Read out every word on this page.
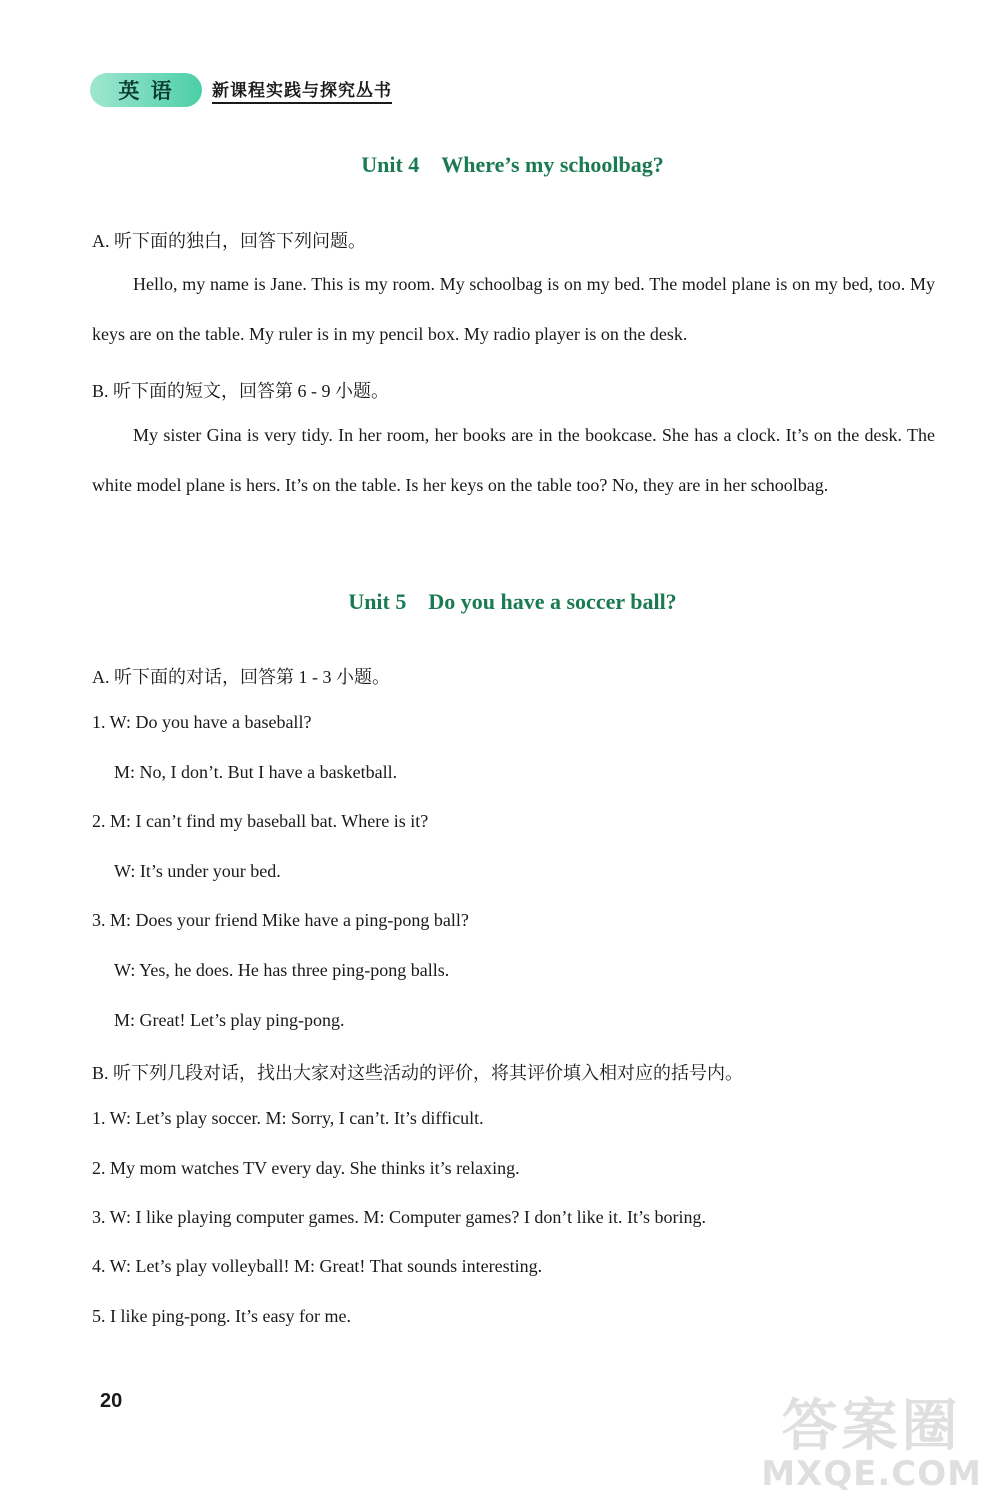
英 语	新课程实践与探究丛书
Unit 4 Where’s my schoolbag?
A. 听下面的独白，回答下列问题。

Hello, my name is Jane. This is my room. My schoolbag is on my bed. The model plane is on my bed, too. My keys are on the table. My ruler is in my pencil box. My radio player is on the desk.

B. 听下面的短文，回答第 6 - 9 小题。

My sister Gina is very tidy. In her room, her books are in the bookcase. She has a clock. It’s on the desk. The white model plane is hers. It’s on the table. Is her keys on the table too? No, they are in her schoolbag.

Unit 5 Do you have a soccer ball?
A. 听下面的对话，回答第 1 - 3 小题。
1. W: Do you have a baseball?
M: No, I don’t. But I have a basketball.
2. M: I can’t find my baseball bat. Where is it?
W: It’s under your bed.
3. M: Does your friend Mike have a ping-pong ball?
W: Yes, he does. He has three ping-pong balls.
M: Great! Let’s play ping-pong.
B. 听下列几段对话，找出大家对这些活动的评价，将其评价填入相对应的括号内。
1. W: Let’s play soccer. M: Sorry, I can’t. It’s difficult.
2. My mom watches TV every day. She thinks it’s relaxing.
3. W: I like playing computer games. M: Computer games? I don’t like it. It’s boring.
4. W: Let’s play volleyball! M: Great! That sounds interesting.
5. I like ping-pong. It’s easy for me.
20	答案圈
MXQE.COM
